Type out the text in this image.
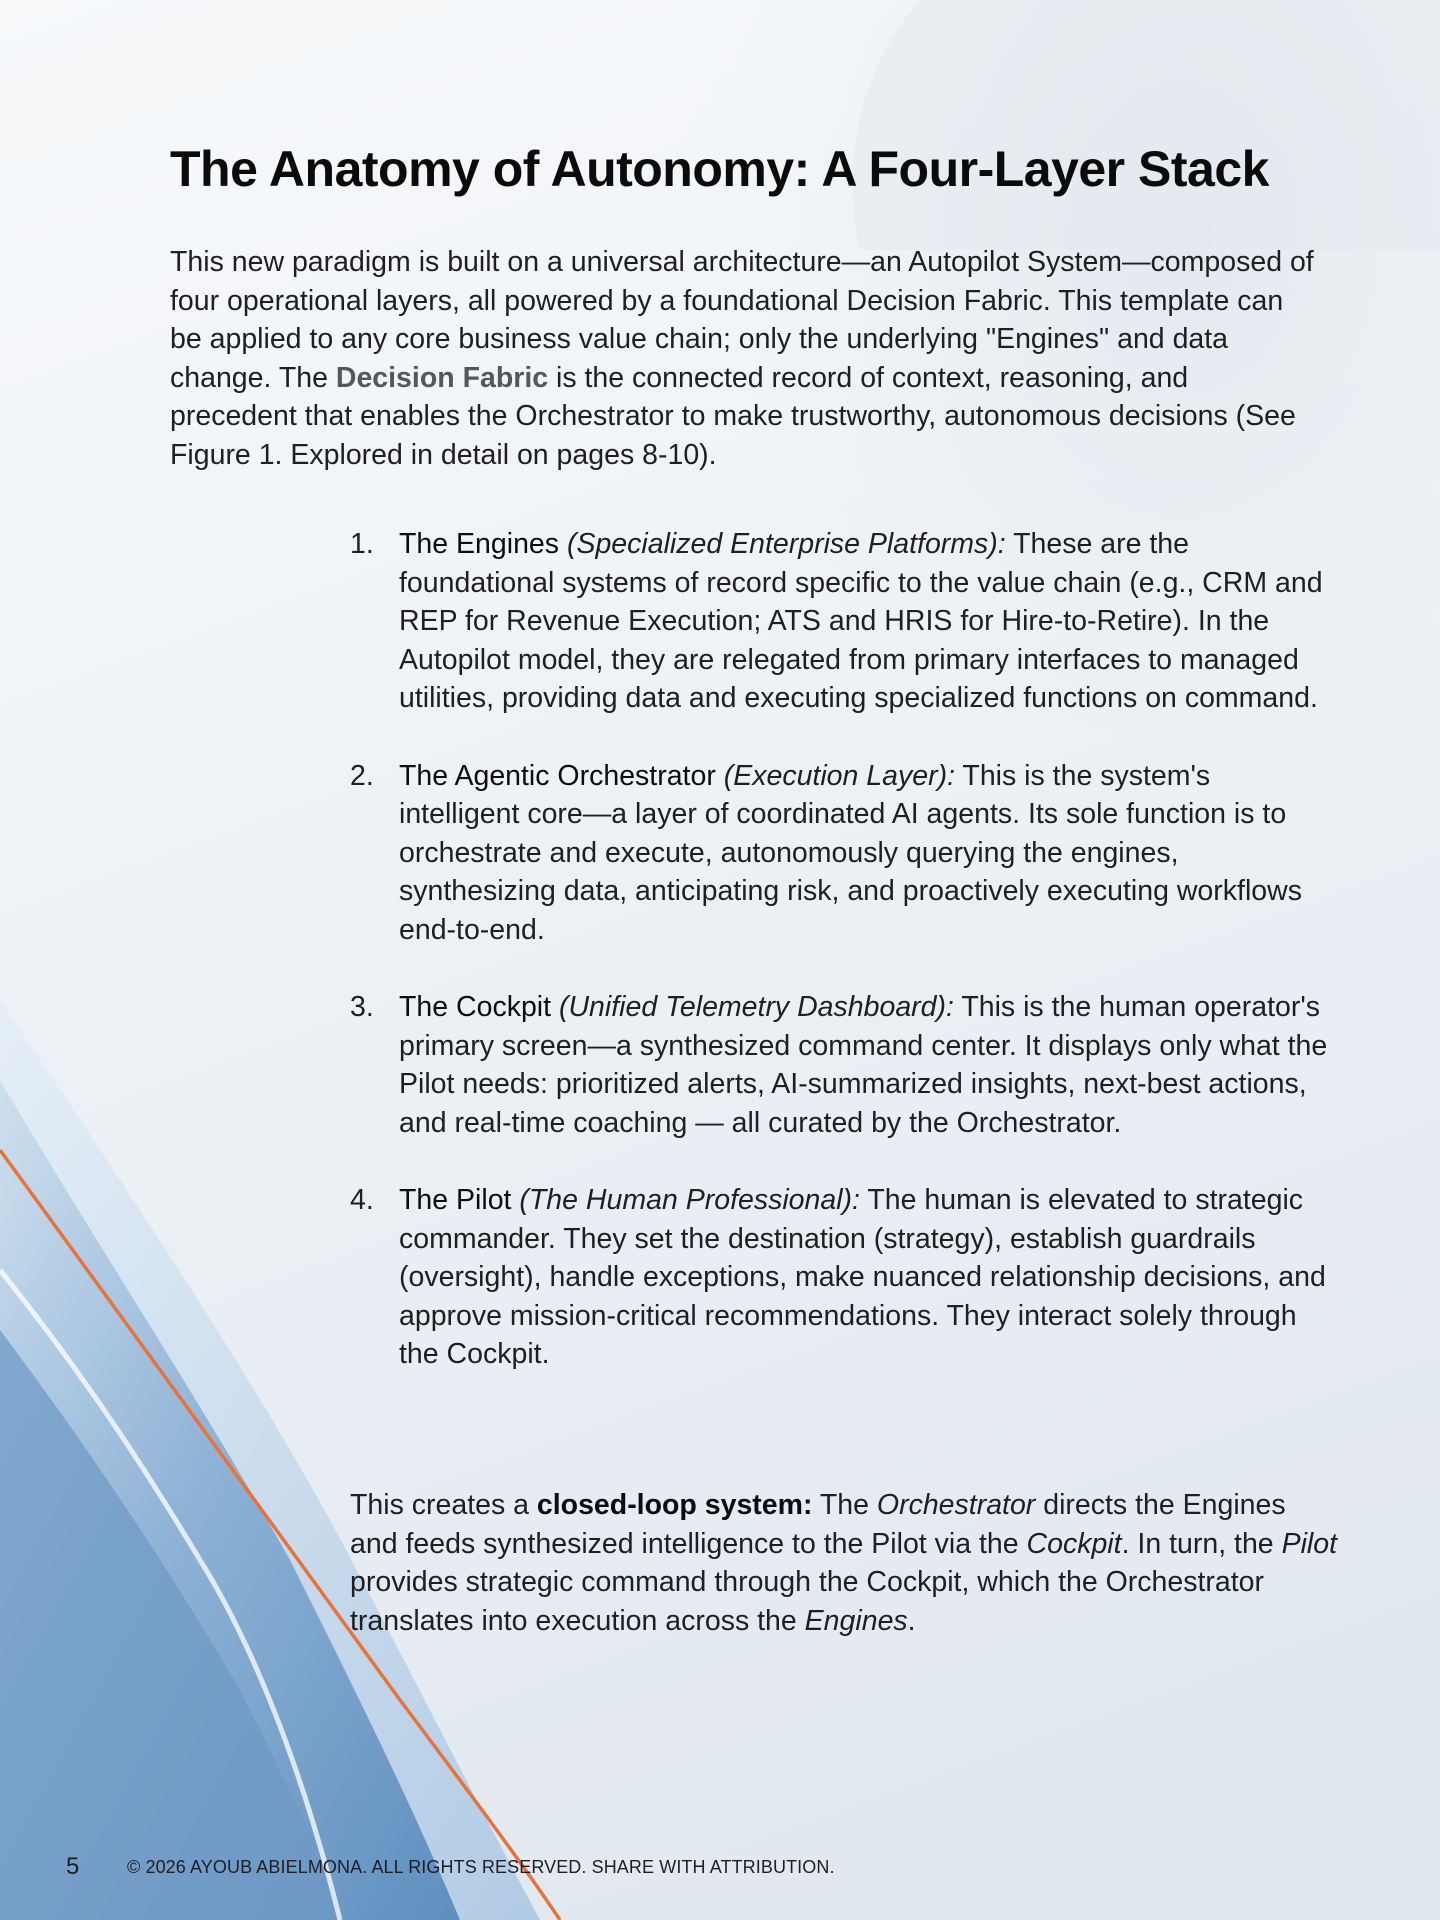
The Anatomy of Autonomy: A Four-Layer Stack

This new paradigm is built on a universal architecture—an Autopilot System—composed of four operational layers, all powered by a foundational Decision Fabric. This template can be applied to any core business value chain; only the underlying "Engines" and data change. The Decision Fabric is the connected record of context, reasoning, and precedent that enables the Orchestrator to make trustworthy, autonomous decisions (See Figure 1. Explored in detail on pages 8-10).

1. The Engines (Specialized Enterprise Platforms): These are the foundational systems of record specific to the value chain (e.g., CRM and REP for Revenue Execution; ATS and HRIS for Hire-to-Retire). In the Autopilot model, they are relegated from primary interfaces to managed utilities, providing data and executing specialized functions on command.
2. The Agentic Orchestrator (Execution Layer): This is the system's intelligent core—a layer of coordinated AI agents. Its sole function is to orchestrate and execute, autonomously querying the engines, synthesizing data, anticipating risk, and proactively executing workflows end-to-end.
3. The Cockpit (Unified Telemetry Dashboard): This is the human operator's primary screen—a synthesized command center. It displays only what the Pilot needs: prioritized alerts, AI-summarized insights, next-best actions, and real-time coaching — all curated by the Orchestrator.
4. The Pilot (The Human Professional): The human is elevated to strategic commander. They set the destination (strategy), establish guardrails (oversight), handle exceptions, make nuanced relationship decisions, and approve mission-critical recommendations. They interact solely through the Cockpit.

This creates a closed-loop system: The Orchestrator directs the Engines and feeds synthesized intelligence to the Pilot via the Cockpit. In turn, the Pilot provides strategic command through the Cockpit, which the Orchestrator translates into execution across the Engines.

5	© 2026 AYOUB ABIELMONA. ALL RIGHTS RESERVED. SHARE WITH ATTRIBUTION.
